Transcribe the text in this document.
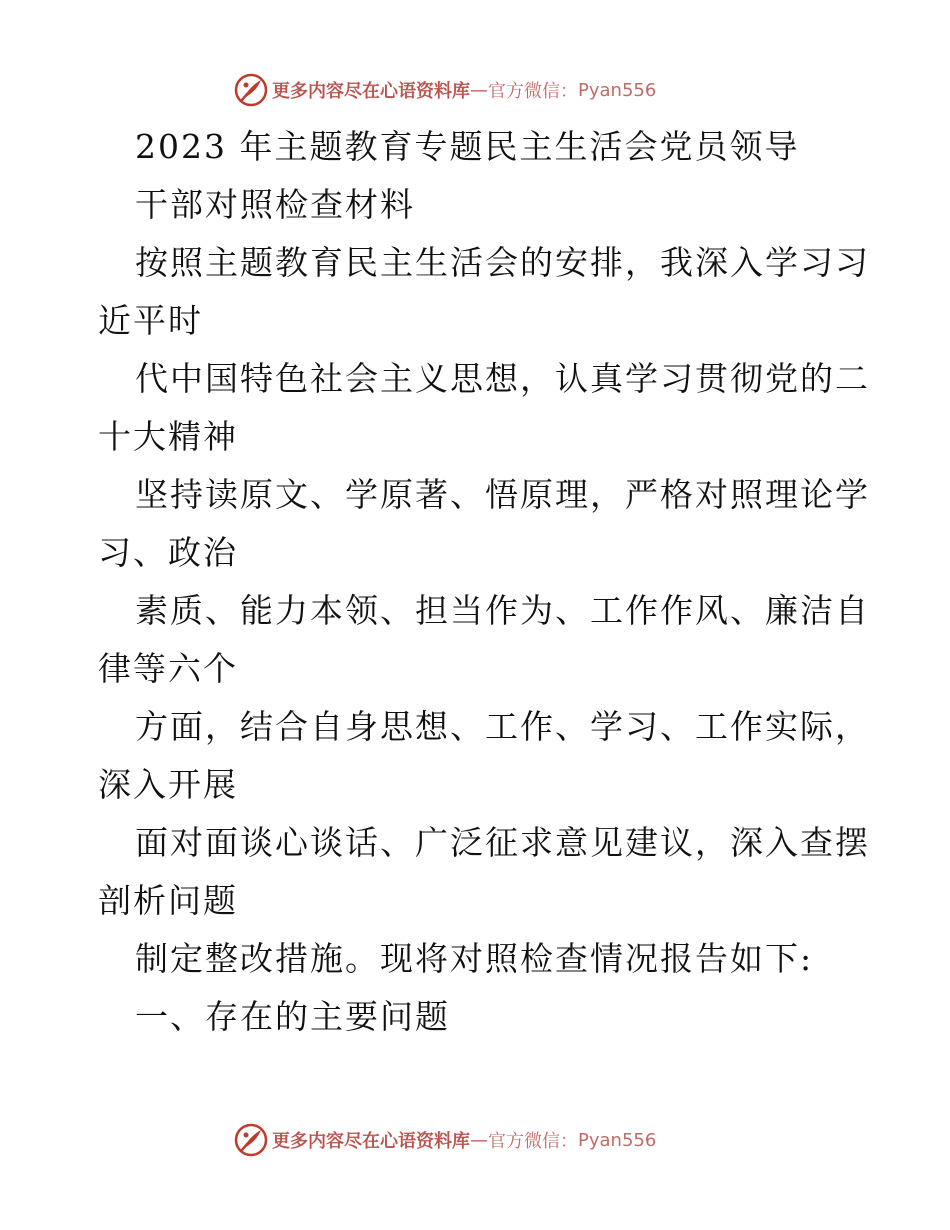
更多内容尽在心语资料库 — 官方微信： Pyan556
2023 年主题教育专题民主生活会党员领导
干部对照检查材料
按照主题教育民主生活会的安排，我深入学习习
近平时
代中国特色社会主义思想，认真学习贯彻党的二
十大精神
坚持读原文、学原著、悟原理，严格对照理论学
习、政治
素质、能力本领、担当作为、工作作风、廉洁自
律等六个
方面，结合自身思想、工作、学习、工作实际，
深入开展
面对面谈心谈话、广泛征求意见建议，深入查摆
剖析问题
制定整改措施。现将对照检查情况报告如下:
一、存在的主要问题
更多内容尽在心语资料库 — 官方微信： Pyan556
